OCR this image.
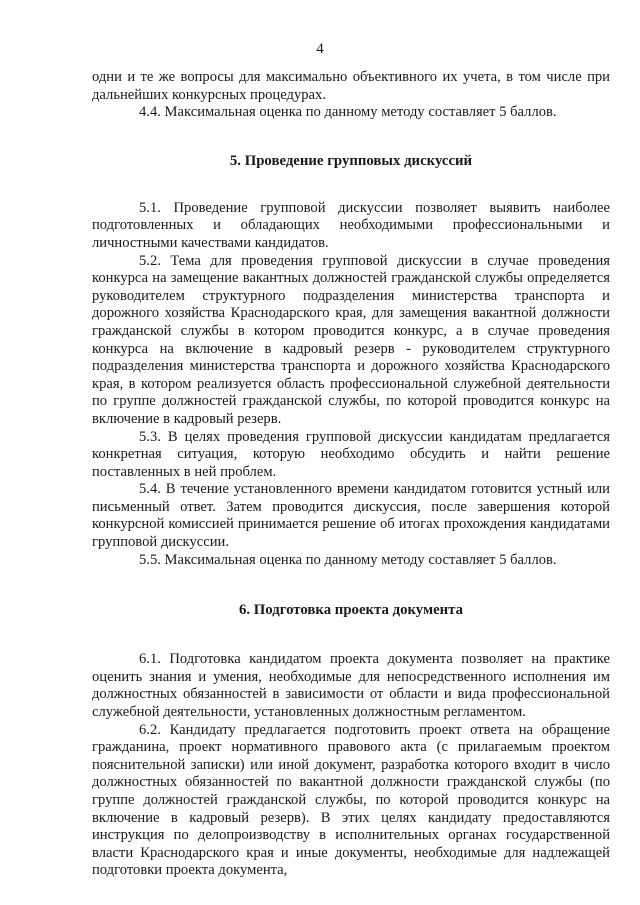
4

одни и те же вопросы для максимально объективного их учета, в том числе при дальнейших конкурсных процедурах.

4.4. Максимальная оценка по данному методу составляет 5 баллов.

5. Проведение групповых дискуссий

5.1. Проведение групповой дискуссии позволяет выявить наиболее подготовленных и обладающих необходимыми профессиональными и личностными качествами кандидатов.

5.2. Тема для проведения групповой дискуссии в случае проведения конкурса на замещение вакантных должностей гражданской службы определяется руководителем структурного подразделения министерства транспорта и дорожного хозяйства Краснодарского края, для замещения вакантной должности гражданской службы в котором проводится конкурс, а в случае проведения конкурса на включение в кадровый резерв - руководителем структурного подразделения министерства транспорта и дорожного хозяйства Краснодарского края, в котором реализуется область профессиональной служебной деятельности по группе должностей гражданской службы, по которой проводится конкурс на включение в кадровый резерв.

5.3. В целях проведения групповой дискуссии кандидатам предлагается конкретная ситуация, которую необходимо обсудить и найти решение поставленных в ней проблем.

5.4. В течение установленного времени кандидатом готовится устный или письменный ответ. Затем проводится дискуссия, после завершения которой конкурсной комиссией принимается решение об итогах прохождения кандидатами групповой дискуссии.

5.5. Максимальная оценка по данному методу составляет 5 баллов.

6. Подготовка проекта документа

6.1. Подготовка кандидатом проекта документа позволяет на практике оценить знания и умения, необходимые для непосредственного исполнения им должностных обязанностей в зависимости от области и вида профессиональной служебной деятельности, установленных должностным регламентом.

6.2. Кандидату предлагается подготовить проект ответа на обращение гражданина, проект нормативного правового акта (с прилагаемым проектом пояснительной записки) или иной документ, разработка которого входит в число должностных обязанностей по вакантной должности гражданской службы (по группе должностей гражданской службы, по которой проводится конкурс на включение в кадровый резерв). В этих целях кандидату предоставляются инструкция по делопроизводству в исполнительных органах государственной власти Краснодарского края и иные документы, необходимые для надлежащей подготовки проекта документа,
